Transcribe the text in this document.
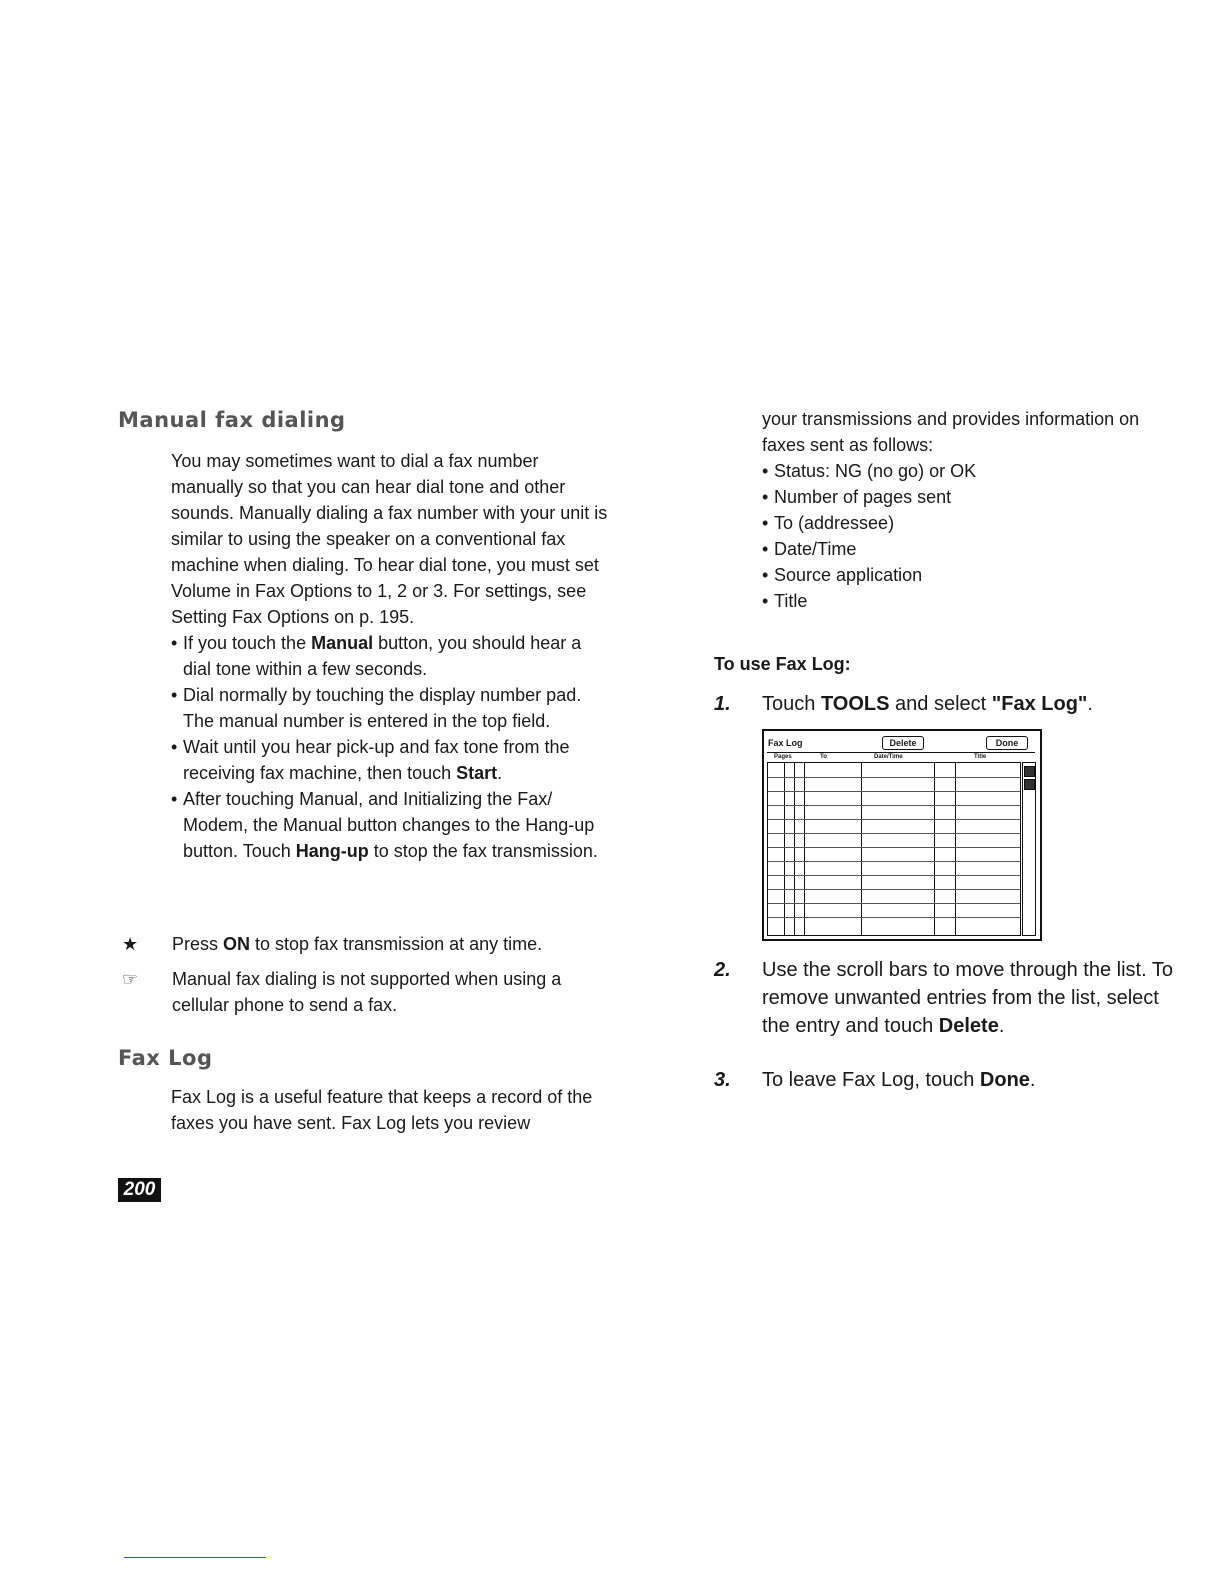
Manual fax dialing

You may sometimes want to dial a fax number manually so that you can hear dial tone and other sounds. Manually dialing a fax number with your unit is similar to using the speaker on a conventional fax machine when dialing. To hear dial tone, you must set Volume in Fax Options to 1, 2 or 3. For settings, see Setting Fax Options on p. 195.

• If you touch the Manual button, you should hear a dial tone within a few seconds.
• Dial normally by touching the display number pad. The manual number is entered in the top field.
• Wait until you hear pick-up and fax tone from the receiving fax machine, then touch Start.
• After touching Manual, and Initializing the Fax/ Modem, the Manual button changes to the Hang-up button. Touch Hang-up to stop the fax transmission.
★	Press ON to stop fax transmission at any time.
☞	Manual fax dialing is not supported when using a cellular phone to send a fax.
Fax Log
Fax Log is a useful feature that keeps a record of the faxes you have sent. Fax Log lets you review
200

your transmissions and provides information on faxes sent as follows:

• Status: NG (no go) or OK
• Number of pages sent
• To (addressee)
• Date/Time
• Source application
• Title
To use Fax Log:
1.	Touch TOOLS and select "Fax Log".
Fax Log	Delete	Done
Pages	To	Date/Time	Title
2.	Use the scroll bars to move through the list. To remove unwanted entries from the list, select the entry and touch Delete.
3.	To leave Fax Log, touch Done.
